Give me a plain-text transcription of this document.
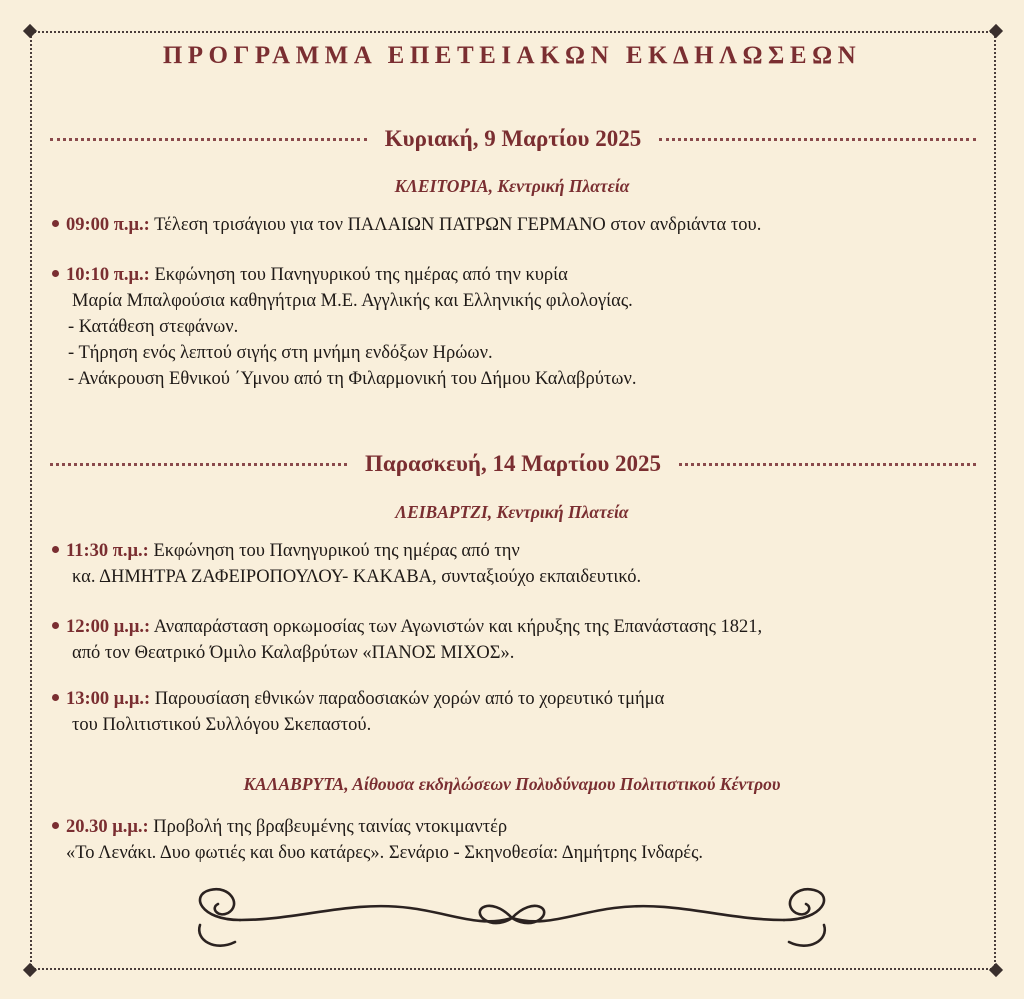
ΠΡΟΓΡΑΜΜΑ ΕΠΕΤΕΙΑΚΩΝ ΕΚΔΗΛΩΣΕΩΝ
Κυριακή, 9 Μαρτίου 2025
ΚΛΕΙΤΟΡΙΑ, Κεντρική Πλατεία
09:00 π.μ.: Τέλεση τρισάγιου για τον ΠΑΛΑΙΩΝ ΠΑΤΡΩΝ ΓΕΡΜΑΝΟ στον ανδριάντα του.
10:10 π.μ.: Εκφώνηση του Πανηγυρικού της ημέρας από την κυρία
Μαρία Μπαλφούσια καθηγήτρια Μ.Ε. Αγγλικής και Ελληνικής φιλολογίας.
- Κατάθεση στεφάνων.
- Τήρηση ενός λεπτού σιγής στη μνήμη ενδόξων Ηρώων.
- Ανάκρουση Εθνικού ΄Υμνου από τη Φιλαρμονική του Δήμου Καλαβρύτων.
Παρασκευή, 14 Μαρτίου 2025
ΛΕΙΒΑΡΤΖΙ, Κεντρική Πλατεία
11:30 π.μ.: Εκφώνηση του Πανηγυρικού της ημέρας από την
κα. ΔΗΜΗΤΡΑ ΖΑΦΕΙΡΟΠΟΥΛΟΥ- ΚΑΚΑΒΑ, συνταξιούχο εκπαιδευτικό.
12:00 μ.μ.: Αναπαράσταση ορκωμοσίας των Αγωνιστών και κήρυξης της Επανάστασης 1821,
από τον Θεατρικό Όμιλο Καλαβρύτων «ΠΑΝΟΣ ΜΙΧΟΣ».
13:00 μ.μ.: Παρουσίαση εθνικών παραδοσιακών χορών από το χορευτικό τμήμα
του Πολιτιστικού Συλλόγου Σκεπαστού.
ΚΑΛΑΒΡΥΤΑ, Αίθουσα εκδηλώσεων Πολυδύναμου Πολιτιστικού Κέντρου
20.30 μ.μ.: Προβολή της βραβευμένης ταινίας ντοκιμαντέρ
«Το Λενάκι. Δυο φωτιές και δυο κατάρες». Σενάριο - Σκηνοθεσία: Δημήτρης Ινδαρές.
